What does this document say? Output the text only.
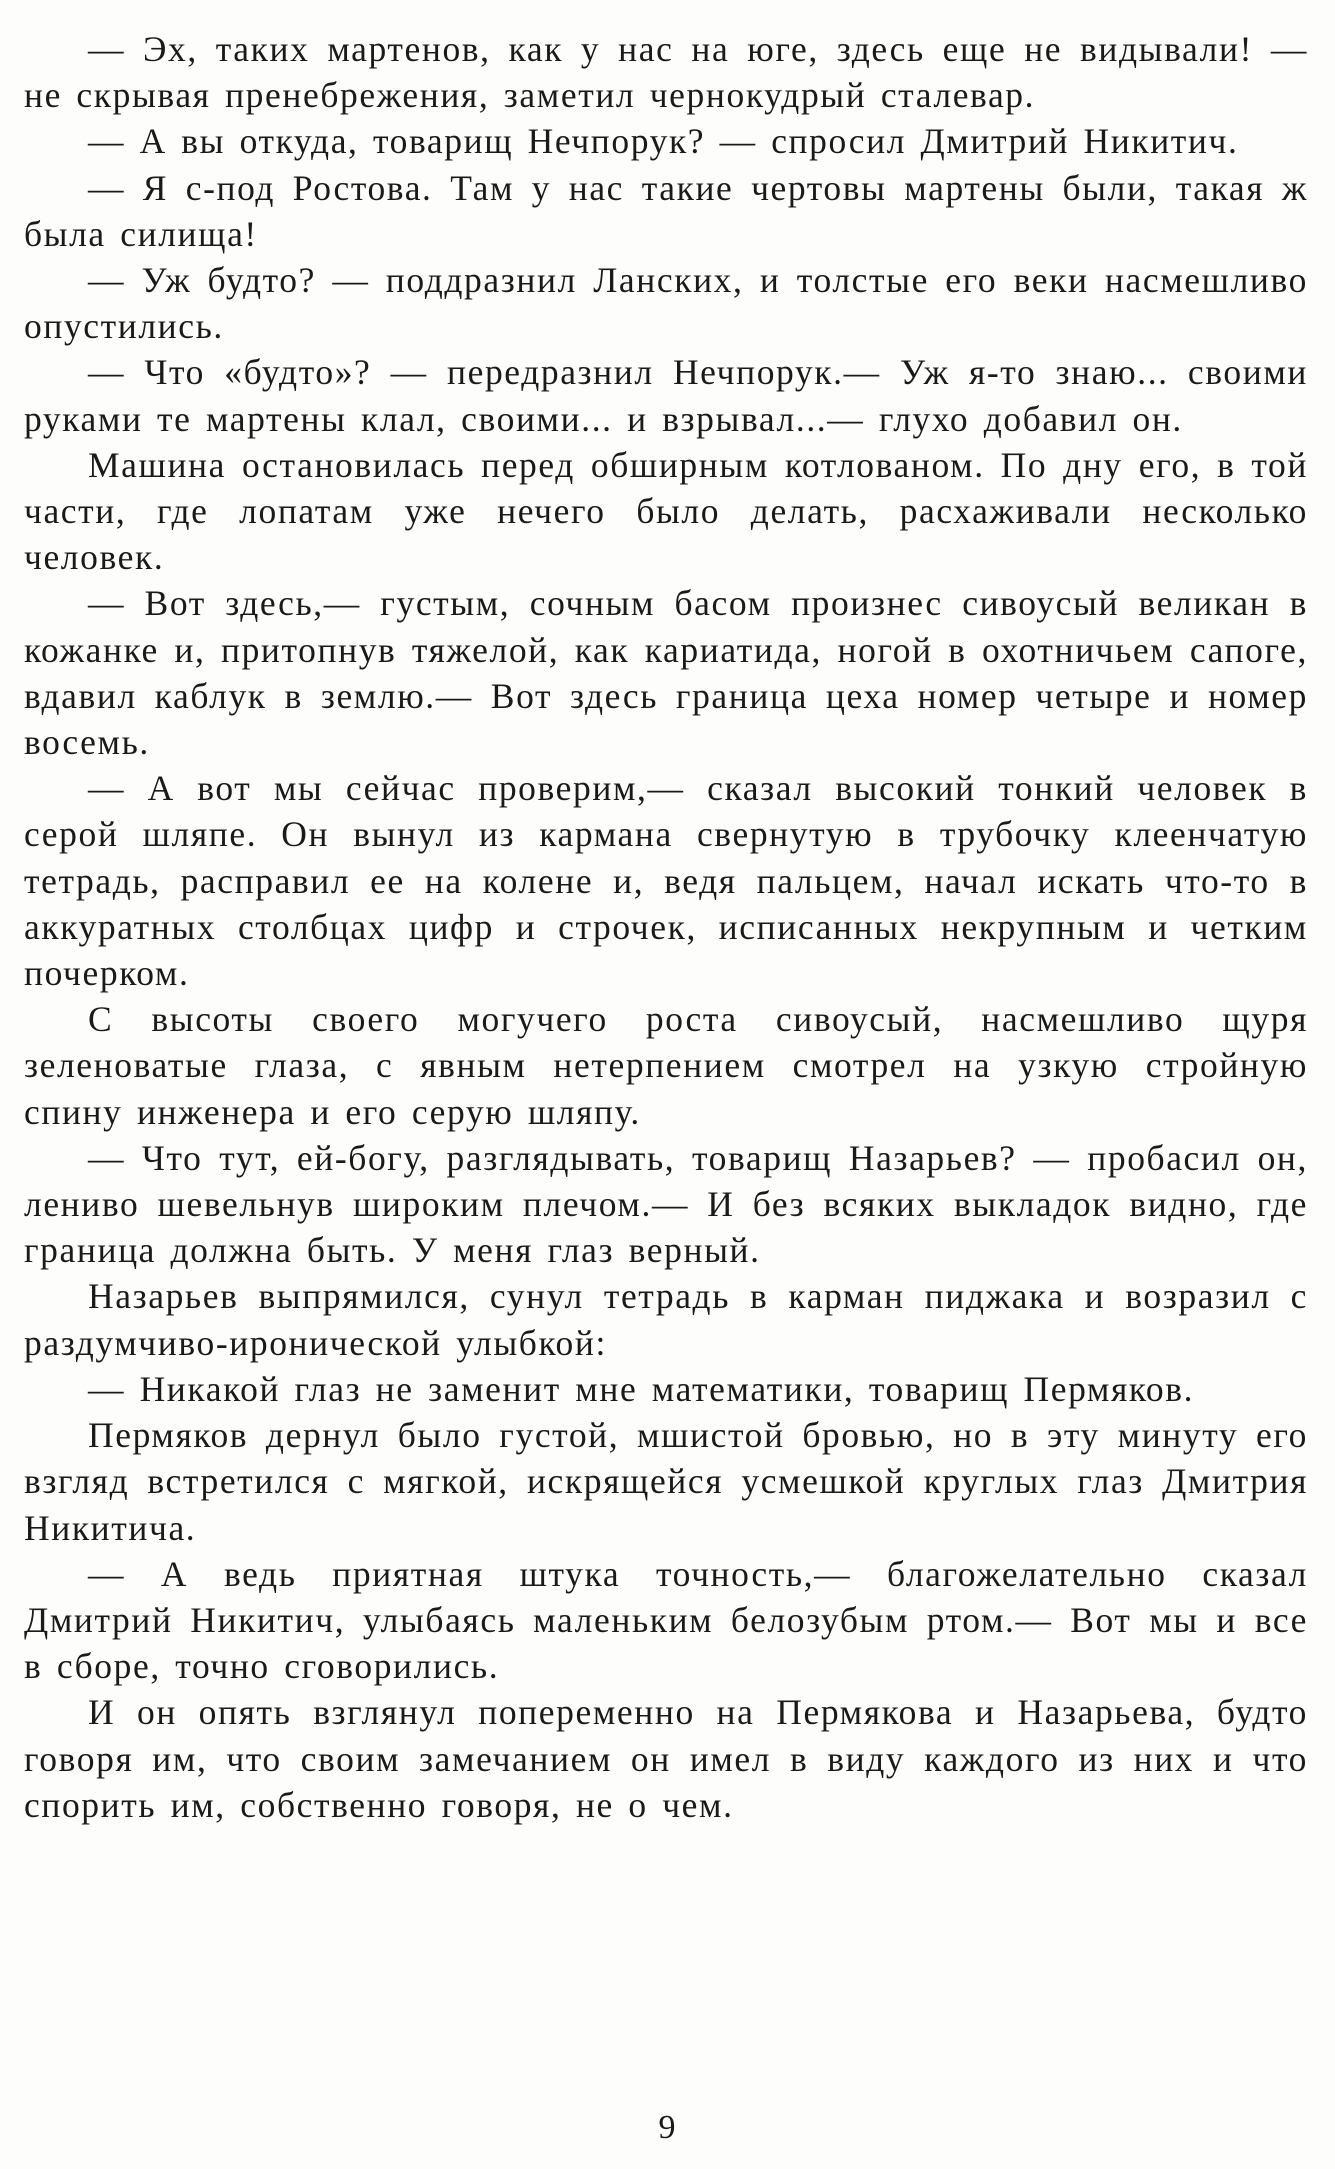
— Эх, таких мартенов, как у нас на юге, здесь еще не видывали! — не скрывая пренебрежения, заметил чернокудрый сталевар.

— А вы откуда, товарищ Нечпорук? — спросил Дмитрий Никитич.

— Я с-под Ростова. Там у нас такие чертовы мартены были, такая ж была силища!

— Уж будто? — поддразнил Ланских, и толстые его веки насмешливо опустились.

— Что «будто»? — передразнил Нечпорук.— Уж я-то знаю... своими руками те мартены клал, своими... и взрывал...— глухо добавил он.

Машина остановилась перед обширным котлованом. По дну его, в той части, где лопатам уже нечего было делать, расхаживали несколько человек.

— Вот здесь,— густым, сочным басом произнес сивоусый великан в кожанке и, притопнув тяжелой, как кариатида, ногой в охотничьем сапоге, вдавил каблук в землю.— Вот здесь граница цеха номер четыре и номер восемь.

— А вот мы сейчас проверим,— сказал высокий тонкий человек в серой шляпе. Он вынул из кармана свернутую в трубочку клеенчатую тетрадь, расправил ее на колене и, ведя пальцем, начал искать что-то в аккуратных столбцах цифр и строчек, исписанных некрупным и четким почерком.

С высоты своего могучего роста сивоусый, насмешливо щуря зеленоватые глаза, с явным нетерпением смотрел на узкую стройную спину инженера и его серую шляпу.

— Что тут, ей-богу, разглядывать, товарищ Назарьев? — пробасил он, лениво шевельнув широким плечом.— И без всяких выкладок видно, где граница должна быть. У меня глаз верный.

Назарьев выпрямился, сунул тетрадь в карман пиджака и возразил с раздумчиво-иронической улыбкой:

— Никакой глаз не заменит мне математики, товарищ Пермяков.

Пермяков дернул было густой, мшистой бровью, но в эту минуту его взгляд встретился с мягкой, искрящейся усмешкой круглых глаз Дмитрия Никитича.

— А ведь приятная штука точность,— благожелательно сказал Дмитрий Никитич, улыбаясь маленьким белозубым ртом.— Вот мы и все в сборе, точно сговорились.

И он опять взглянул попеременно на Пермякова и Назарьева, будто говоря им, что своим замечанием он имел в виду каждого из них и что спорить им, собственно говоря, не о чем.

9
